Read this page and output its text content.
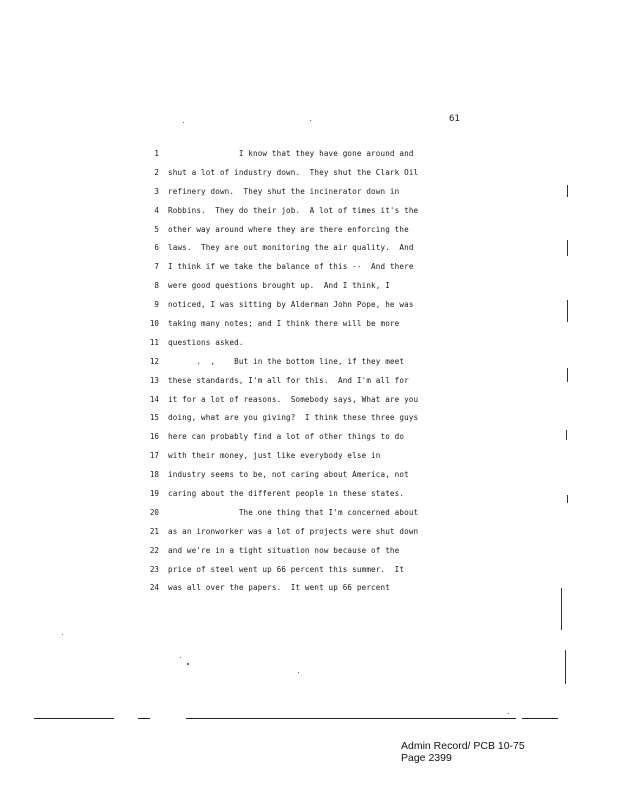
61
1 I know that they have gone around and
2 shut a lot of industry down.  They shut the Clark Oil
3 refinery down.  They shut the incinerator down in
4 Robbins.  They do their job.  A lot of times it's the
5 other way around where they are there enforcing the
6 laws.  They are out monitoring the air quality.  And
7 I think if we take the balance of this --  And there
8 were good questions brought up.  And I think, I
9 noticed, I was sitting by Alderman John Pope, he was
10 taking many notes; and I think there will be more
11 questions asked.
12 .  ,    But in the bottom line, if they meet
13 these standards, I'm all for this.  And I'm all for
14 it for a lot of reasons.  Somebody says, What are you
15 doing, what are you giving?  I think these three guys
16 here can probably find a lot of other things to do
17 with their money, just like everybody else in
18 industry seems to be, not caring about America, not
19 caring about the different people in these states.
20 The one thing that I'm concerned about
21 as an ironworker was a lot of projects were shut down
22 and we're in a tight situation now because of the
23 price of steel went up 66 percent this summer.  It
24 was all over the papers.  It went up 66 percent
Admin Record/ PCB 10-75
Page 2399
